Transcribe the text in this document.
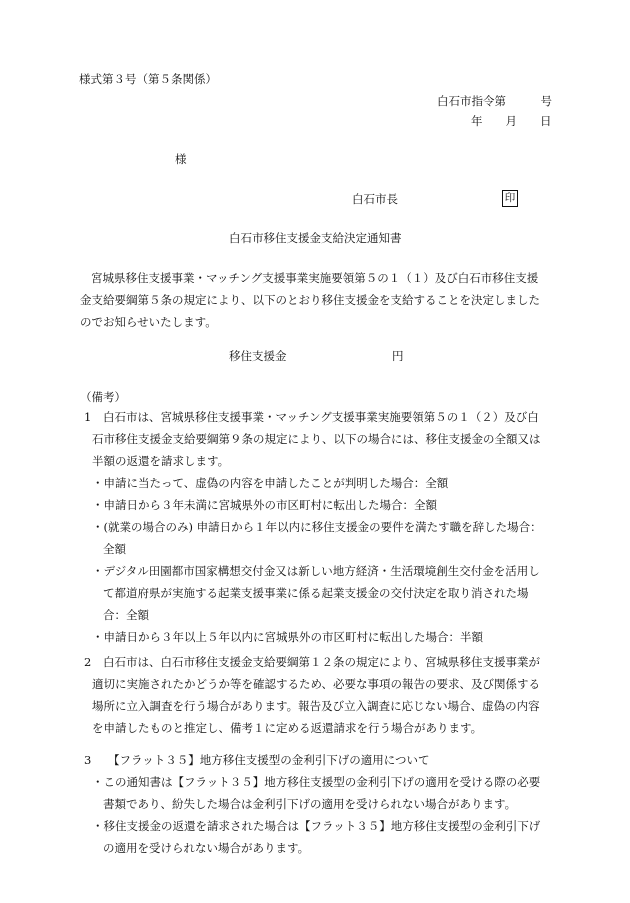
様式第３号（第５条関係）
白石市指令第　　　号
年　　月　　日
様
白石市長	印
白石市移住支援金支給決定通知書
宮城県移住支援事業・マッチング支援事業実施要領第５の１（１）及び白石市移住支援
金支給要綱第５条の規定により、以下のとおり移住支援金を支給することを決定しました
のでお知らせいたします。
移住支援金	円
（備考）
1 白石市は、宮城県移住支援事業・マッチング支援事業実施要領第５の１（２）及び白
石市移住支援金支給要綱第９条の規定により、以下の場合には、移住支援金の全額又は
半額の返還を請求します。
・申請に当たって、虚偽の内容を申請したことが判明した場合：全額
・申請日から３年未満に宮城県外の市区町村に転出した場合：全額
・(就業の場合のみ) 申請日から１年以内に移住支援金の要件を満たす職を辞した場合：
全額
・デジタル田園都市国家構想交付金又は新しい地方経済・生活環境創生交付金を活用し
て都道府県が実施する起業支援事業に係る起業支援金の交付決定を取り消された場
合：全額
・申請日から３年以上５年以内に宮城県外の市区町村に転出した場合：半額
2 白石市は、白石市移住支援金支給要綱第１２条の規定により、宮城県移住支援事業が
適切に実施されたかどうか等を確認するため、必要な事項の報告の要求、及び関係する
場所に立入調査を行う場合があります。報告及び立入調査に応じない場合、虚偽の内容
を申請したものと推定し、備考１に定める返還請求を行う場合があります。
3 【フラット３５】地方移住支援型の金利引下げの適用について
・この通知書は【フラット３５】地方移住支援型の金利引下げの適用を受ける際の必要
書類であり、紛失した場合は金利引下げの適用を受けられない場合があります。
・移住支援金の返還を請求された場合は【フラット３５】地方移住支援型の金利引下げ
の適用を受けられない場合があります。
